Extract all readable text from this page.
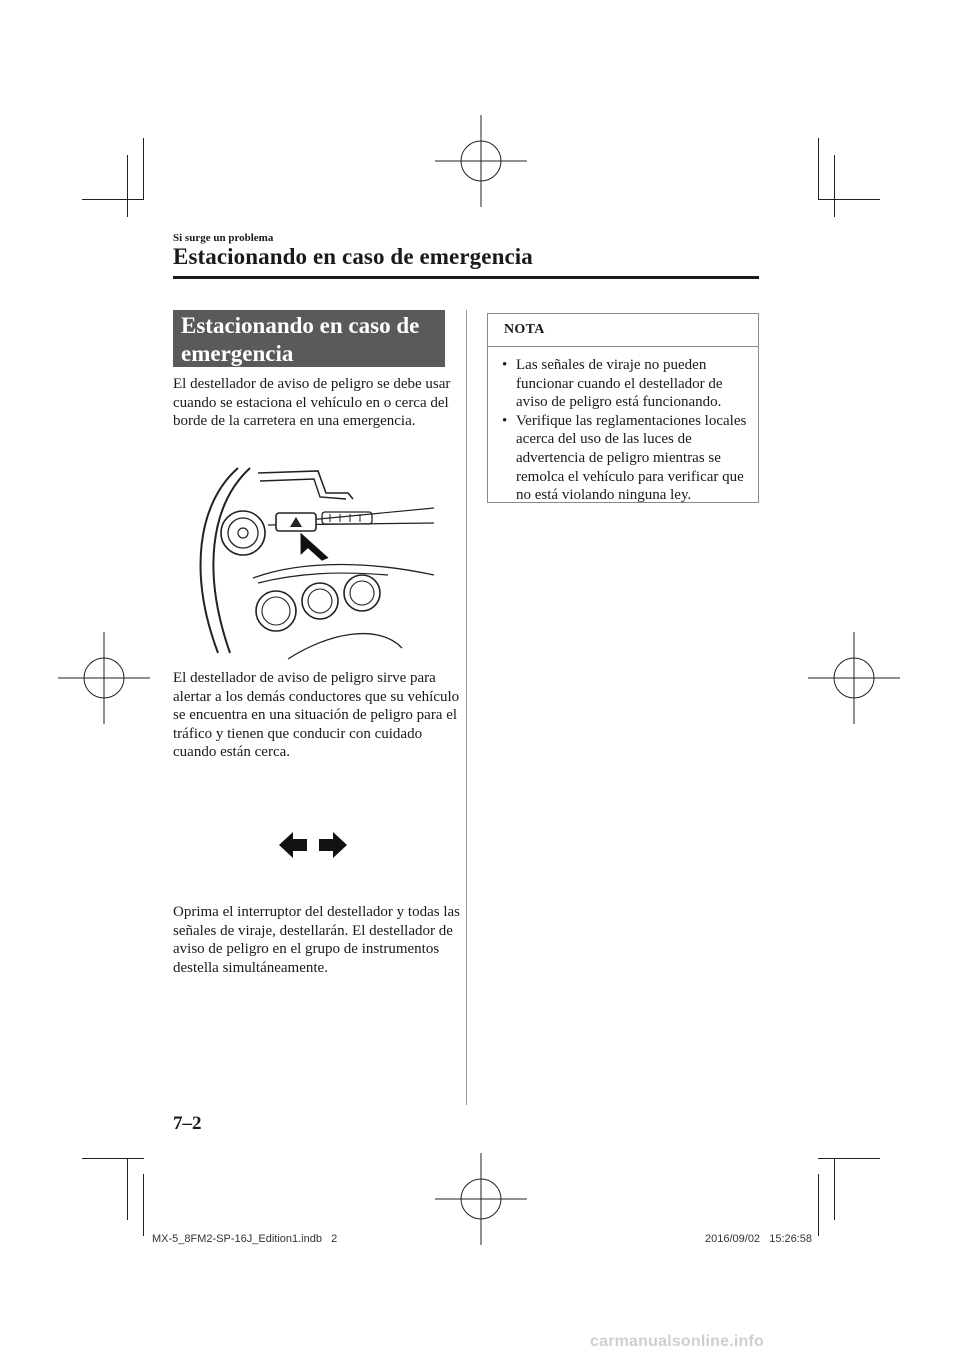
Si surge un problema
Estacionando en caso de emergencia
Estacionando en caso de
emergencia
El destellador de aviso de peligro se debe usar cuando se estaciona el vehículo en o cerca del borde de la carretera en una emergencia.
El destellador de aviso de peligro sirve para alertar a los demás conductores que su vehículo se encuentra en una situación de peligro para el tráfico y tienen que conducir con cuidado cuando están cerca.
Oprima el interruptor del destellador y todas las señales de viraje, destellarán. El destellador de aviso de peligro en el grupo de instrumentos destella simultáneamente.
NOTA
• Las señales de viraje no pueden funcionar cuando el destellador de aviso de peligro está funcionando.
• Verifique las reglamentaciones locales acerca del uso de las luces de advertencia de peligro mientras se remolca el vehículo para verificar que no está violando ninguna ley.
7–2
MX-5_8FM2-SP-16J_Edition1.indb   2	2016/09/02   15:26:58
carmanualsonline.info
